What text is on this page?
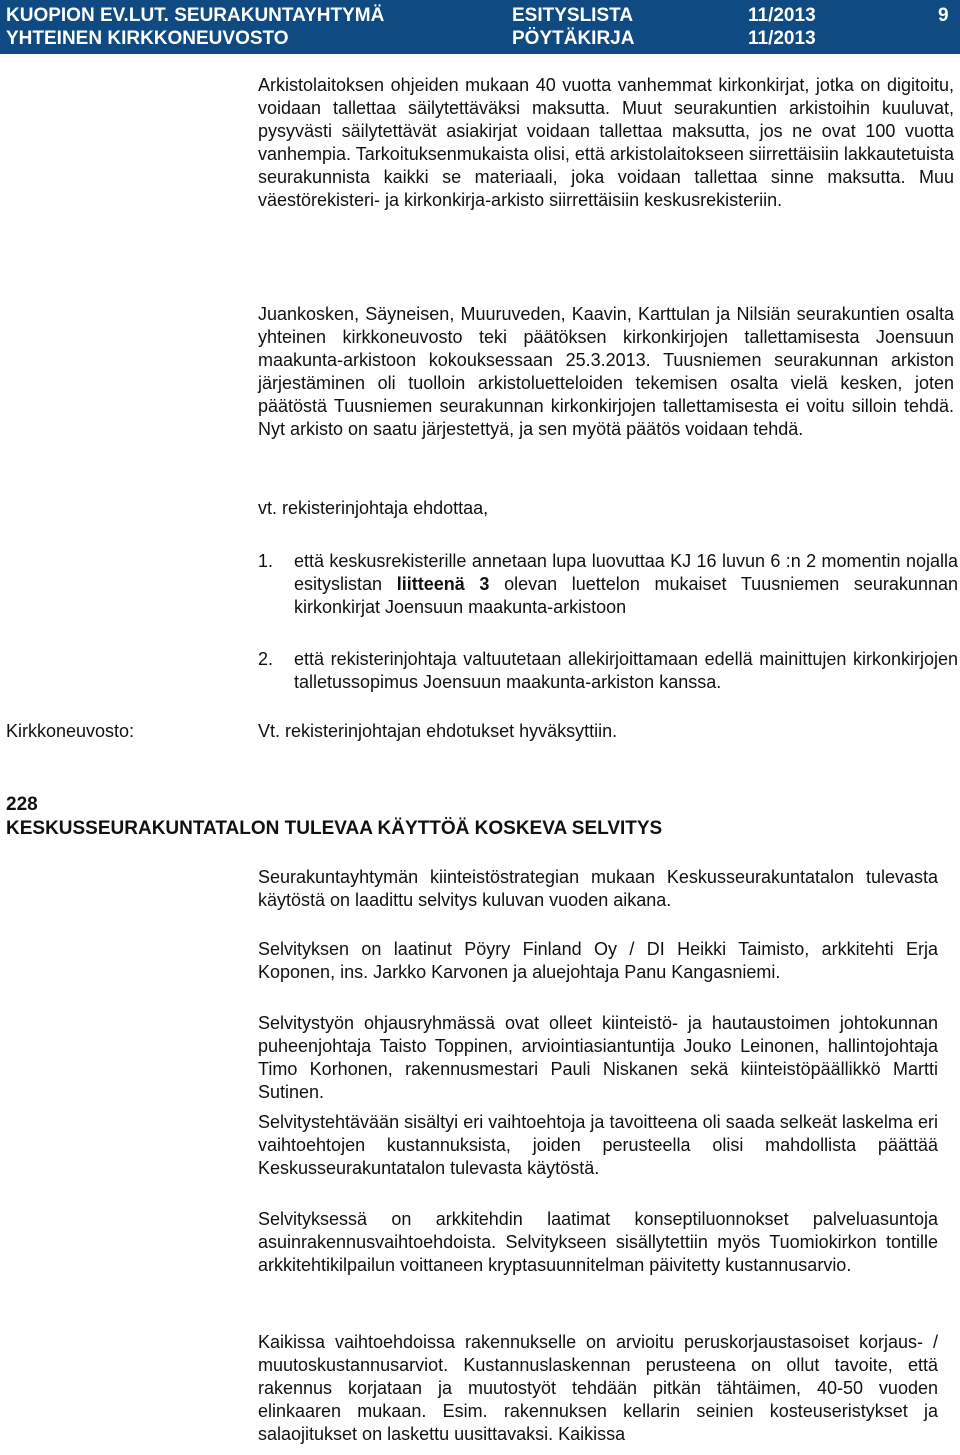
KUOPION EV.LUT. SEURAKUNTAYHTYMÄ
YHTEINEN KIRKKONEUVOSTO
ESITYSLISTA
PÖYTÄKIRJA
11/2013
11/2013
9

Arkistolaitoksen ohjeiden mukaan 40 vuotta vanhemmat kirkonkirjat, jotka on digitoitu, voidaan tallettaa säilytettäväksi maksutta. Muut seurakuntien arkistoihin kuuluvat, pysyvästi säilytettävät asiakirjat voidaan tallettaa maksutta, jos ne ovat 100 vuotta vanhempia. Tarkoituksenmukaista olisi, että arkistolaitokseen siirrettäisiin lakkautetuista seurakunnista kaikki se materiaali, joka voidaan tallettaa sinne maksutta. Muu väestörekisteri- ja kirkonkirja-arkisto siirrettäisiin keskusrekisteriin.

Juankosken, Säyneisen, Muuruveden, Kaavin, Karttulan ja Nilsiän seurakuntien osalta yhteinen kirkkoneuvosto teki päätöksen kirkonkirjojen tallettamisesta Joensuun maakunta-arkistoon kokouksessaan 25.3.2013. Tuusniemen seurakunnan arkiston järjestäminen oli tuolloin arkistoluetteloiden tekemisen osalta vielä kesken, joten päätöstä Tuusniemen seurakunnan kirkonkirjojen tallettamisesta ei voitu silloin tehdä. Nyt arkisto on saatu järjestettyä, ja sen myötä päätös voidaan tehdä.

vt. rekisterinjohtaja ehdottaa,

1. että keskusrekisterille annetaan lupa luovuttaa KJ 16 luvun 6 :n 2 momentin nojalla esityslistan liitteenä 3 olevan luettelon mukaiset Tuusniemen seurakunnan kirkonkirjat Joensuun maakunta-arkistoon
2. että rekisterinjohtaja valtuutetaan allekirjoittamaan edellä mainittujen kirkonkirjojen talletussopimus Joensuun maakunta-arkiston kanssa.
Kirkkoneuvosto:	Vt. rekisterinjohtajan ehdotukset hyväksyttiin.
228
KESKUSSEURAKUNTATALON TULEVAA KÄYTTÖÄ KOSKEVA SELVITYS

Seurakuntayhtymän kiinteistöstrategian mukaan Keskusseurakuntatalon tulevasta käytöstä on laadittu selvitys kuluvan vuoden aikana.

Selvityksen on laatinut Pöyry Finland Oy / DI Heikki Taimisto, arkkitehti Erja Koponen, ins. Jarkko Karvonen ja aluejohtaja Panu Kangasniemi.

Selvitystyön ohjausryhmässä ovat olleet kiinteistö- ja hautaustoimen johtokunnan puheenjohtaja Taisto Toppinen, arviointiasiantuntija Jouko Leinonen, hallintojohtaja Timo Korhonen, rakennusmestari Pauli Niskanen sekä kiinteistöpäällikkö Martti Sutinen.

Selvitystehtävään sisältyi eri vaihtoehtoja ja tavoitteena oli saada selkeät laskelma eri vaihtoehtojen kustannuksista, joiden perusteella olisi mahdollista päättää Keskusseurakuntatalon tulevasta käytöstä.

Selvityksessä on arkkitehdin laatimat konseptiluonnokset palveluasuntoja asuinrakennusvaihtoehdoista. Selvitykseen sisällytettiin myös Tuomiokirkon tontille arkkitehtikilpailun voittaneen kryptasuunnitelman päivitetty kustannusarvio.

Kaikissa vaihtoehdoissa rakennukselle on arvioitu peruskorjaustasoiset korjaus- / muutoskustannusarviot. Kustannuslaskennan perusteena on ollut tavoite, että rakennus korjataan ja muutostyöt tehdään pitkän tähtäimen, 40-50 vuoden elinkaaren mukaan. Esim. rakennuksen kellarin seinien kosteuseristykset ja salaojitukset on laskettu uusittavaksi. Kaikissa
